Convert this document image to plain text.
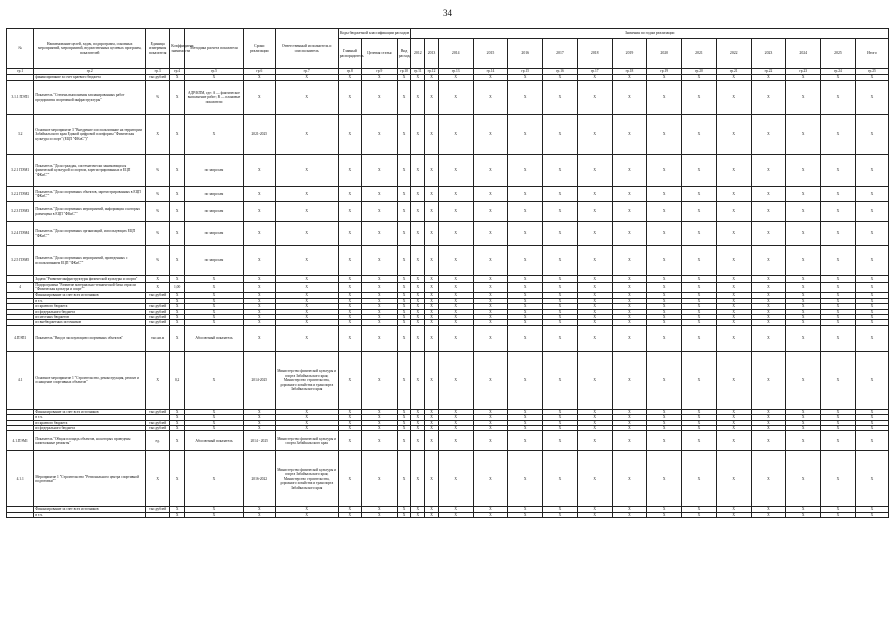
34
№	Наименование целей, задач, подпрограмм, основных мероприятий, мероприятий, ведомственных целевых программ, показателей	Единица измерения показателя	Коэффициент значимости	Методика расчета показателя	Сроки реализации	Ответственный исполнитель и соисполнитель	Коды бюджетной классификации расходов			Значения по годам реализации														
							Главный распорядитель	Целевая статья	Вид расхода	2012	2013	2014	2015	2016	2017	2018	2019	2020	2021	2022	2023	2024	2025	Итого
гр.1	гр.2	гр.3	гр.4	гр.5	гр.6	гр.7	гр.8	гр.9	гр.10	гр.11	гр.12	гр.13	гр.14	гр.15	гр.16	гр.17	гр.18	гр.19	гр.20	гр.21	гр.22	гр.23	гр.24	гр.25
	финансирование за счет краевого бюджета	тыс.рублей	X	X	X	X	X	X	X	X	X	X	X	X	X	X	X	X	X	X	X	X	X	X
3.1.1 ПЭП1	Показатель "Степень выполнения запланированных работ предприятия спортивной инфраструктуры"	%	X	АДР/КПМ, где: А — фактическое выполнение работ; В — плановые показатели	X	X	X	X	X	X	X	X	X	X	X	X	X	X	X	X	X	X	X	X
3.2	Основное мероприятие 3 "Внедрение и использование на территории Забайкальского края Единой цифровой платформы "Физическая культура и спорт" (ЕЦП "ФКиС")"	X	X	X	2021-2025	X	X	X	X	X	X	X	X	X	X	X	X	X	X	X	X	X	X	X
3.2.1 ПЭМ1	Показатель "Доля граждан, систематически занимающихся физической культурой и спортом, зарегистрированных в ЕЦП "ФКиС""	%	X	по запросам	X	X	X	X	X	X	X	X	X	X	X	X	X	X	X	X	X	X	X	X
3.2.2 ПЭМ2	Показатель "Доля спортивных объектов, зарегистрированных в ЕЦП "ФКиС""	%	X	по запросам	X	X	X	X	X	X	X	X	X	X	X	X	X	X	X	X	X	X	X	X
3.2.3 ПЭМ3	Показатель "Доля спортивных мероприятий, информация о которых размещена в ЕЦП "ФКиС""	%	X	по запросам	X	X	X	X	X	X	X	X	X	X	X	X	X	X	X	X	X	X	X	X
3.2.4 ПЭМ4	Показатель "Доля спортивных организаций, использующих ЕЦП "ФКиС""	%	X	по запросам	X	X	X	X	X	X	X	X	X	X	X	X	X	X	X	X	X	X	X	X
3.2.5 ПЭМ5	Показатель "Доля спортивных мероприятий, проведенных с использованием ЕЦП "ФКиС""	%	X	по запросам	X	X	X	X	X	X	X	X	X	X	X	X	X	X	X	X	X	X	X	X
	Задача "Развитие инфраструктуры физической культуры и спорта"	X	X	X	X	X	X	X	X	X	X	X	X	X	X	X	X	X	X	X	X	X	X	X
4	Подпрограмма "Развитие материально-технической базы отрасли "Физическая культура и спорт""	X	1,00	X	X	X	X	X	X	X	X	X	X	X	X	X	X	X	X	X	X	X	X	X
	Финансирование за счет всех источников	тыс.рублей	X	X	X	X	X	X	X	X	X	X	X	X	X	X	X	X	X	X	X	X	X	X
	в т.ч.		X	X	X	X	X	X	X	X	X	X	X	X	X	X	X	X	X	X	X	X	X	X
	из краевого бюджета	тыс.рублей	X	X	X	X	X	X	X	X	X	X	X	X	X	X	X	X	X	X	X	X	X	X
	из федерального бюджета	тыс.рублей	X	X	X	X	X	X	X	X	X	X	X	X	X	X	X	X	X	X	X	X	X	X
	из местных бюджетов	тыс.рублей	X	X	X	X	X	X	X	X	X	X	X	X	X	X	X	X	X	X	X	X	X	X
	из внебюджетных источников	тыс.рублей	X	X	X	X	X	X	X	X	X	X	X	X	X	X	X	X	X	X	X	X	X	X
4.ПЭП1	Показатель "Ввод в эксплуатацию спортивных объектов"	тыс.кв.м	X	Абсолютный показатель	X	X	X	X	X	X	X	X	X	X	X	X	X	X	X	X	X	X	X	X
4.1	Основное мероприятие 1 "Строительство, реконструкция, ремонт и оснащение спортивных объектов"	X	0,2	X	2014-2025	Министерство физической культуры и спорта Забайкальского края; Министерство строительства, дорожного хозяйства и транспорта Забайкальского края	X	X	X	X	X	X	X	X	X	X	X	X	X	X	X	X	X	X
	Финансирование за счет всех источников	тыс.рублей	X	X	X	X	X	X	X	X	X	X	X	X	X	X	X	X	X	X	X	X	X	X
	в т.ч.		X	X	X	X	X	X	X	X	X	X	X	X	X	X	X	X	X	X	X	X	X	X
	из краевого бюджета	тыс.рублей	X	X	X	X	X	X	X	X	X	X	X	X	X	X	X	X	X	X	X	X	X	X
	из федерального бюджета	тыс.рублей	X	X	X	X	X	X	X	X	X	X	X	X	X	X	X	X	X	X	X	X	X	X
4.1.ПЭМ1	Показатель "Общая площадь объектов, на которых проведены капитальные ремонты"	ед.	X	Абсолютный показатель	2014 - 2025	Министерство физической культуры и спорта Забайкальского края	X	X	X	X	X	X	X	X	X	X	X	X	X	X	X	X	X	X
4.1.1	Мероприятие 1 "Строительство "Регионального центра спортивной подготовки""	X	X	X	2016-2022	Министерство физической культуры и спорта Забайкальского края; Министерство строительства, дорожного хозяйства и транспорта Забайкальского края	X	X	X	X	X	X	X	X	X	X	X	X	X	X	X	X	X	X
	Финансирование за счет всех источников	тыс.рублей	X	X	X	X	X	X	X	X	X	X	X	X	X	X	X	X	X	X	X	X	X	X
	в т.ч.		X	X	X	X	X	X	X	X	X	X	X	X	X	X	X	X	X	X	X	X	X	X
